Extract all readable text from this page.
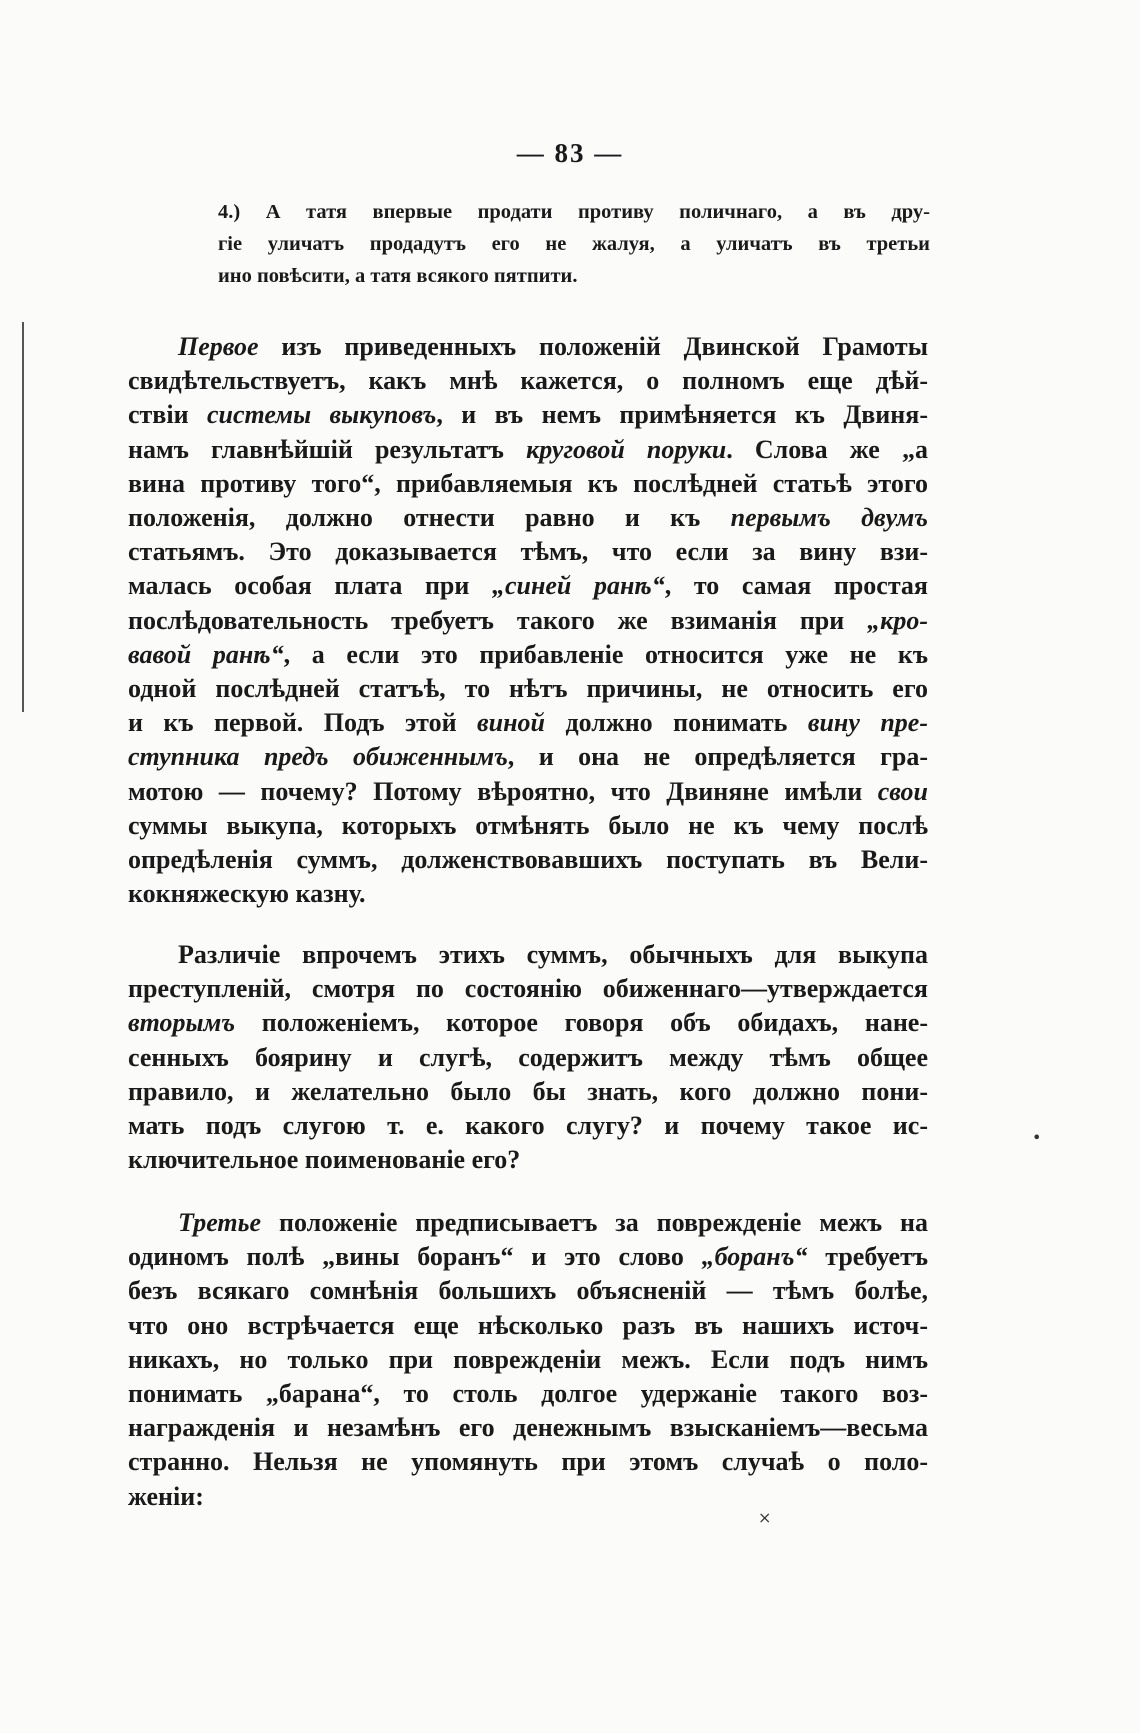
— 83 —
4.) А татя впервые продати противу поличнаго, а въ дру-
гіе уличатъ продадутъ его не жалуя, а уличатъ въ третьи
ино повѣсити, а татя всякого пятпити.
Первое изъ приведенныхъ положеній Двинской Грамоты
свидѣтельствуетъ, какъ мнѣ кажется, о полномъ еще дѣй-
ствіи системы выкуповъ, и въ немъ примѣняется къ Двиня-
намъ главнѣйшій результатъ круговой поруки. Слова же „а
вина противу того“, прибавляемыя къ послѣдней статьѣ этого
положенія, должно отнести равно и къ первымъ двумъ
статьямъ. Это доказывается тѣмъ, что если за вину взи-
малась особая плата при „синей ранѣ“, то самая простая
послѣдовательность требуетъ такого же взиманія при „кро-
вавой ранѣ“, а если это прибавленіе относится уже не къ
одной послѣдней статъѣ, то нѣтъ причины, не относить его
и къ первой. Подъ этой виной должно понимать вину пре-
ступника предъ обиженнымъ, и она не опредѣляется гра-
мотою — почему? Потому вѣроятно, что Двиняне имѣли свои
суммы выкупа, которыхъ отмѣнять было не къ чему послѣ
опредѣленія суммъ, долженствовавшихъ поступать въ Вели-
кокняжескую казну.
Различіе впрочемъ этихъ суммъ, обычныхъ для выкупа
преступленій, смотря по состоянію обиженнаго—утверждается
вторымъ положеніемъ, которое говоря объ обидахъ, нане-
сенныхъ боярину и слугѣ, содержитъ между тѣмъ общее
правило, и желательно было бы знать, кого должно пони-
мать подъ слугою т. е. какого слугу? и почему такое ис-
ключительное поименованіе его?
Третье положеніе предписываетъ за поврежденіе межъ на
одиномъ полѣ „вины боранъ“ и это слово „боранъ“ требуетъ
безъ всякаго сомнѣнія большихъ объясненій — тѣмъ болѣе,
что оно встрѣчается еще нѣсколько разъ въ нашихъ источ-
никахъ, но только при поврежденіи межъ. Если подъ нимъ
понимать „барана“, то столь долгое удержаніе такого воз-
награжденія и незамѣнъ его денежнымъ взысканіемъ—весьма
странно. Нельзя не упомянуть при этомъ случаѣ о поло-
женіи:
•
×
